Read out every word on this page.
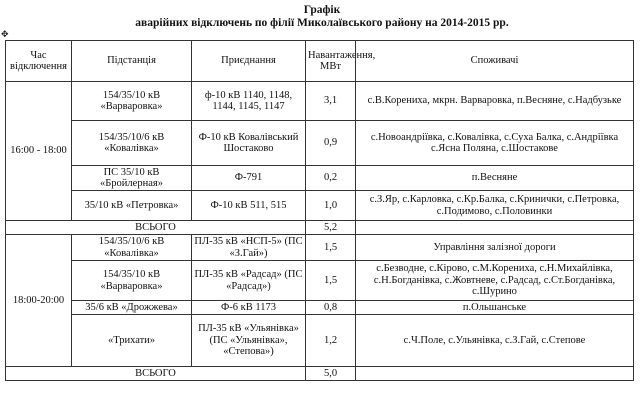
Графік
аварійних відключень по філії Миколаївського району на 2014-2015 рр.
✥
Час відключення	Підстанція	Приєднання	Навантаження, МВт	Споживачі
16:00 - 18:00	154/35/10 кВ «Варваровка»	ф-10 кВ 1140, 1148, 1144, 1145, 1147	3,1	с.В.Корениха, мкрн. Варваровка, п.Весняне, с.Надбузьке
	154/35/10/6 кВ «Ковалівка»	Ф-10 кВ Ковалівський Шостаково	0,9	с.Новоандріївка, с.Ковалівка, с.Суха Балка, с.Андріївка с.Ясна Поляна, с.Шостакове
	ПС 35/10 кВ «Бройлерная»	Ф-791	0,2	п.Весняне
	35/10 кВ «Петровка»	Ф-10 кВ 511, 515	1,0	с.З.Яр, с.Карловка, с.Кр.Балка, с.Кринички, с.Петровка, с.Подимово, с.Половинки
ВСЬОГО			5,2	
18:00-20:00	154/35/10/6 кВ «Ковалівка»	ПЛ-35 кВ «НСП-5» (ПС «З.Гай»)	1,5	Управління залізної дороги
	154/35/10 кВ «Варваровка»	ПЛ-35 кВ «Радсад» (ПС «Радсад»)	1,5	с.Безводне, с.Кірово, с.М.Корениха, с.Н.Михайлівка, с.Н.Богданівка, с.Жовтневе, с.Радсад, с.Ст.Богданівка, с.Шурино
	35/6 кВ «Дрожжева»	Ф-6 кВ 1173	0,8	п.Ольшанське
	«Трихати»	ПЛ-35 кВ «Ульянівка» (ПС «Ульянівка», «Степова»)	1,2	с.Ч.Поле, с.Ульянівка, с.З.Гай, с.Степове
ВСЬОГО			5,0	
